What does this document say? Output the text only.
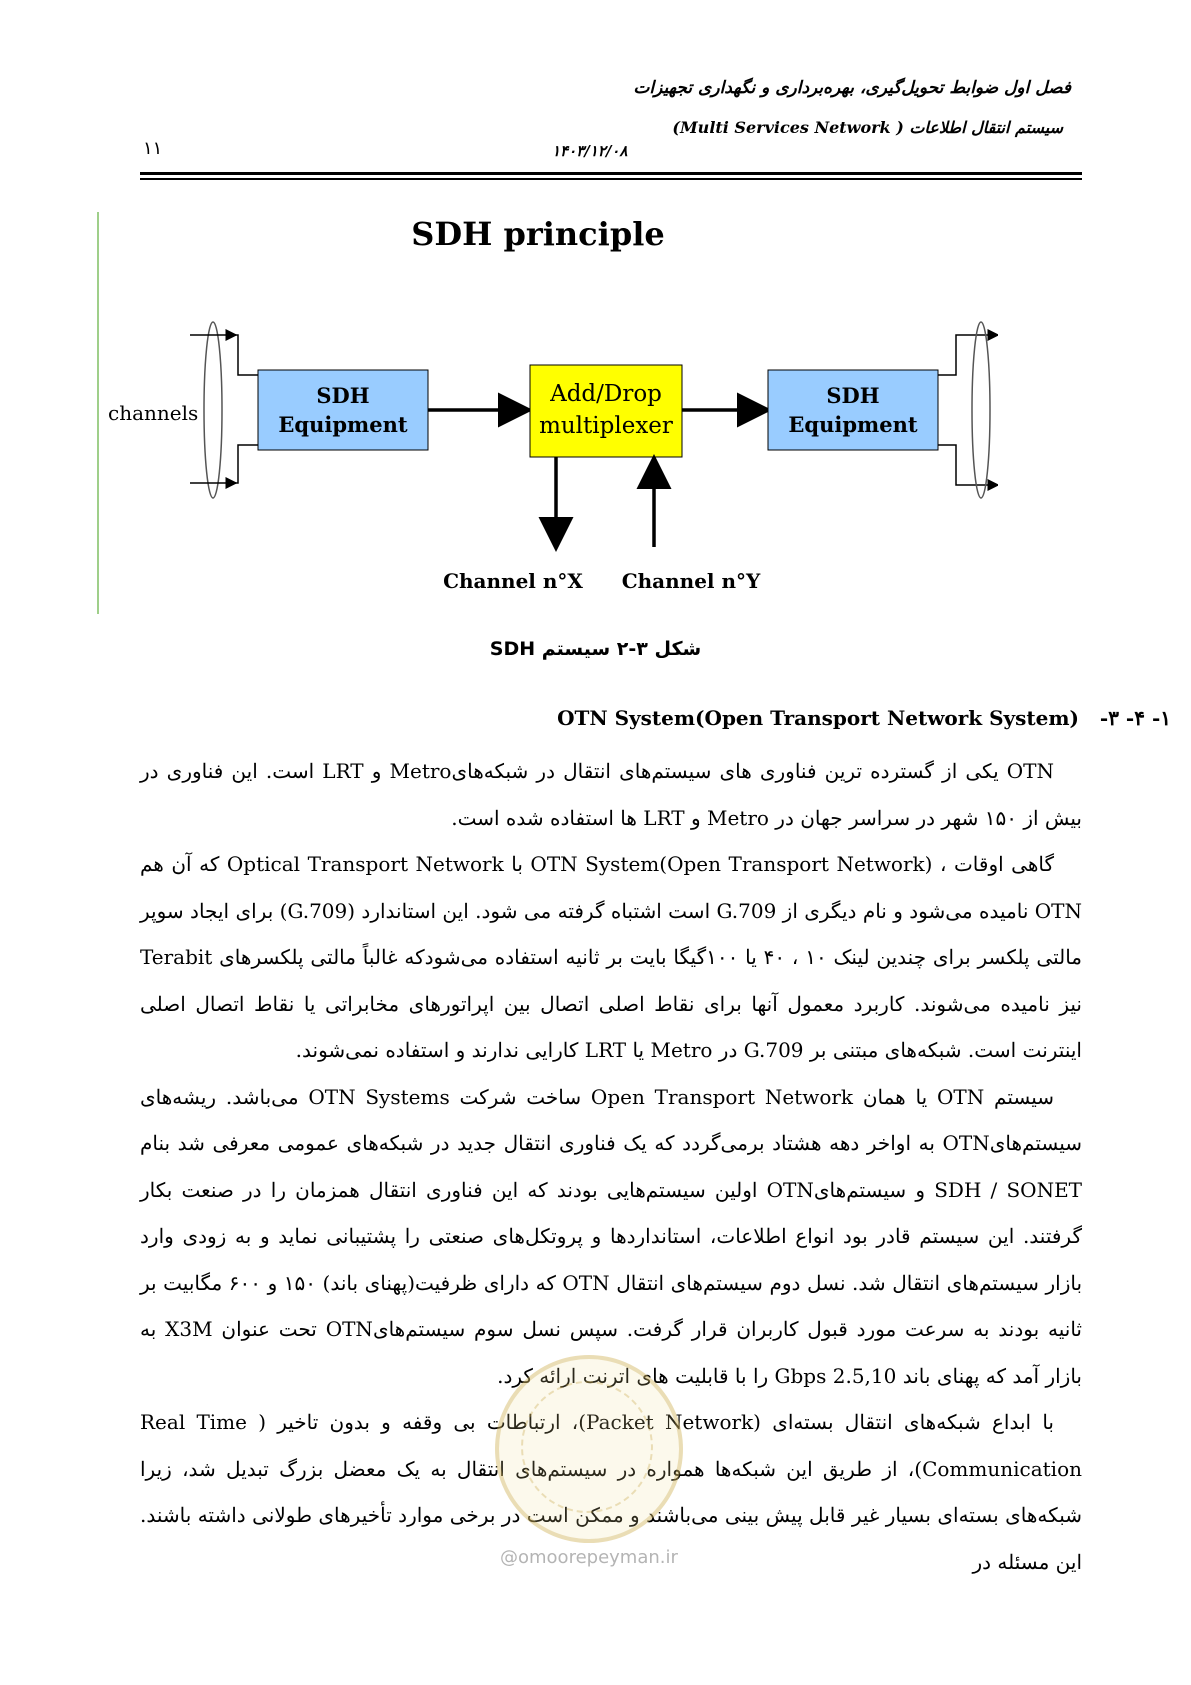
فصل اول ضوابط تحویل‌گیری، بهره‌برداری و نگهداری تجهیزات
سیستم انتقال اطلاعات ( Multi Services Network)
۱۴۰۳/۱۲/۰۸
۱۱
SDH principle
channels
SDH
Equipment
Add/Drop
multiplexer
SDH
Equipment
Channel n°X Channel n°Y
شکل ۳-۲ سیستم SDH
۱- ۴- ۳-   OTN System(Open Transport Network System)

OTN یکی از گسترده ترین فناوری های سیستم‌های انتقال در شبکه‌هایMetro و LRT است. این فناوری در بیش از ۱۵۰ شهر در سراسر جهان در Metro و LRT ها استفاده شده است.

گاهی اوقات ، OTN System(Open Transport Network) با Optical Transport Network که آن هم OTN نامیده می‌شود و نام دیگری از G.709 است اشتباه گرفته می شود. این استاندارد (G.709) برای ایجاد سوپر مالتی پلکسر برای چندین لینک ۱۰ ، ۴۰ یا ۱۰۰گیگا بایت بر ثانیه استفاده می‌شودکه غالباً مالتی پلکسرهای Terabit نیز نامیده می‌شوند. کاربرد معمول آنها برای نقاط اصلی اتصال بین اپراتورهای مخابراتی یا نقاط اتصال اصلی اینترنت است. شبکه‌های مبتنی بر G.709 در Metro یا LRT کارایی ندارند و استفاده نمی‌شوند.

سیستم OTN یا همان Open Transport Network ساخت شرکت OTN Systems می‌باشد. ریشه‌های سیستم‌هایOTN به اواخر دهه هشتاد برمی‌گردد که یک فناوری انتقال جدید در شبکه‌های عمومی معرفی شد بنام SDH / SONET و سیستم‌هایOTN اولین سیستم‌هایی بودند که این فناوری انتقال همزمان را در صنعت بکار گرفتند. این سیستم قادر بود انواع اطلاعات، استانداردها و پروتکل‌های صنعتی را پشتیبانی نماید و به زودی وارد بازار سیستم‌های انتقال شد. نسل دوم سیستم‌های انتقال OTN که دارای ظرفیت(پهنای باند) ۱۵۰ و ۶۰۰ مگابیت بر ثانیه بودند به سرعت مورد قبول کاربران قرار گرفت. سپس نسل سوم سیستم‌هایOTN تحت عنوان X3M به بازار آمد که پهنای باند 2.5,10 Gbps را با قابلیت های اترنت ارائه کرد.

با ابداع شبکه‌های انتقال بسته‌ای (Packet Network)، ارتباطات بی وقفه و بدون تاخیر ( Real Time Communication)، از طریق این شبکه‌ها همواره در سیستم‌های انتقال به یک معضل بزرگ تبدیل شد، زیرا شبکه‌های بسته‌ای بسیار غیر قابل پیش بینی می‌باشند و ممکن است در برخی موارد تأخیرهای طولانی داشته باشند. این مسئله در

@omoorepeyman.ir
